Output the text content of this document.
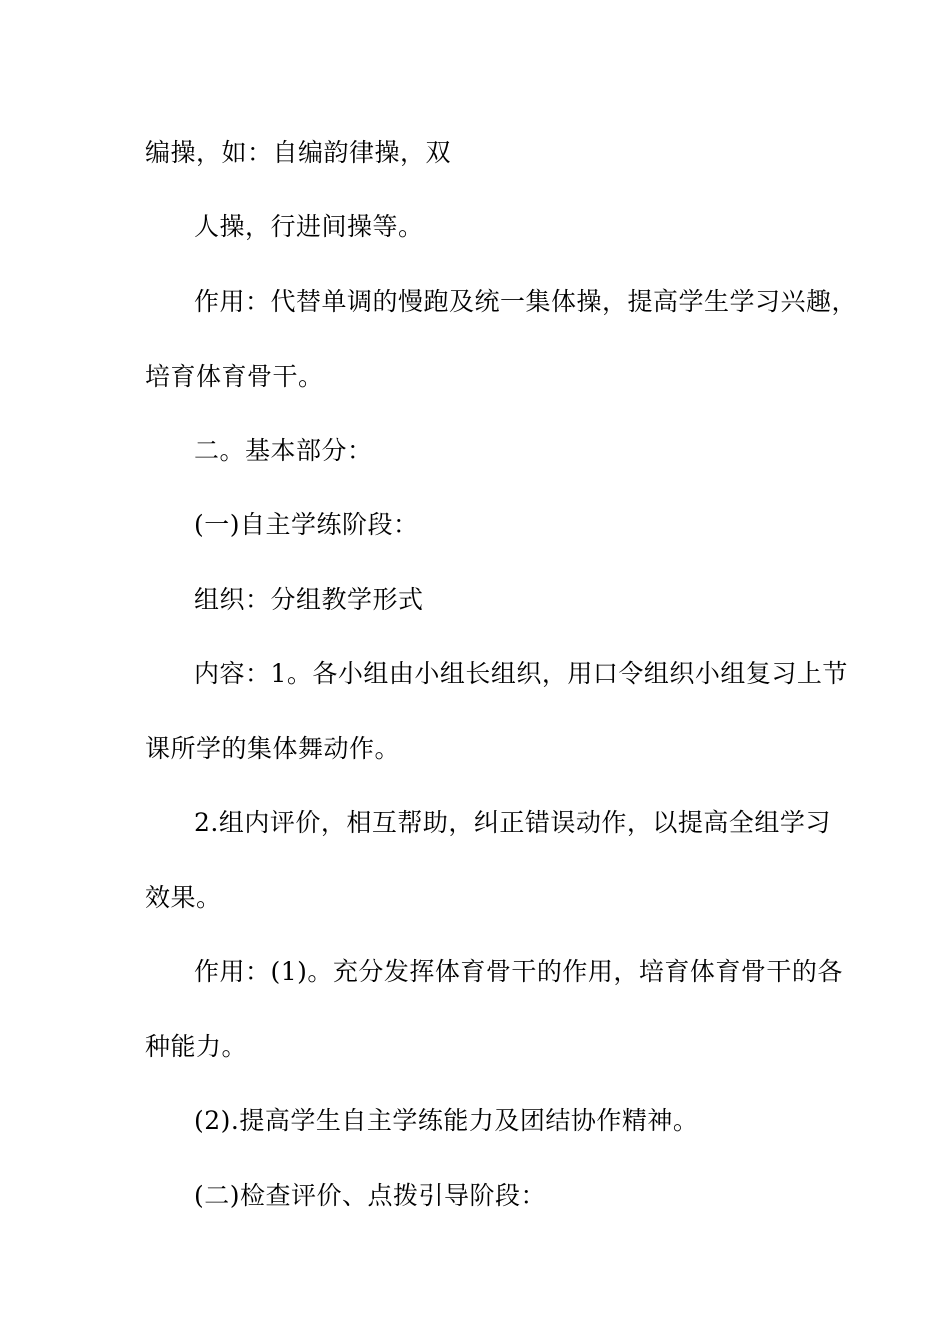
编操，如：自编韵律操，双
人操，行进间操等。
作用：代替单调的慢跑及统一集体操，提高学生学习兴趣，
培育体育骨干。
二。基本部分：
(一)自主学练阶段：
组织：分组教学形式
内容：1。各小组由小组长组织，用口令组织小组复习上节
课所学的集体舞动作。
2.组内评价，相互帮助，纠正错误动作，以提高全组学习
效果。
作用：(1)。充分发挥体育骨干的作用，培育体育骨干的各
种能力。
(2).提高学生自主学练能力及团结协作精神。
(二)检查评价、点拨引导阶段：
